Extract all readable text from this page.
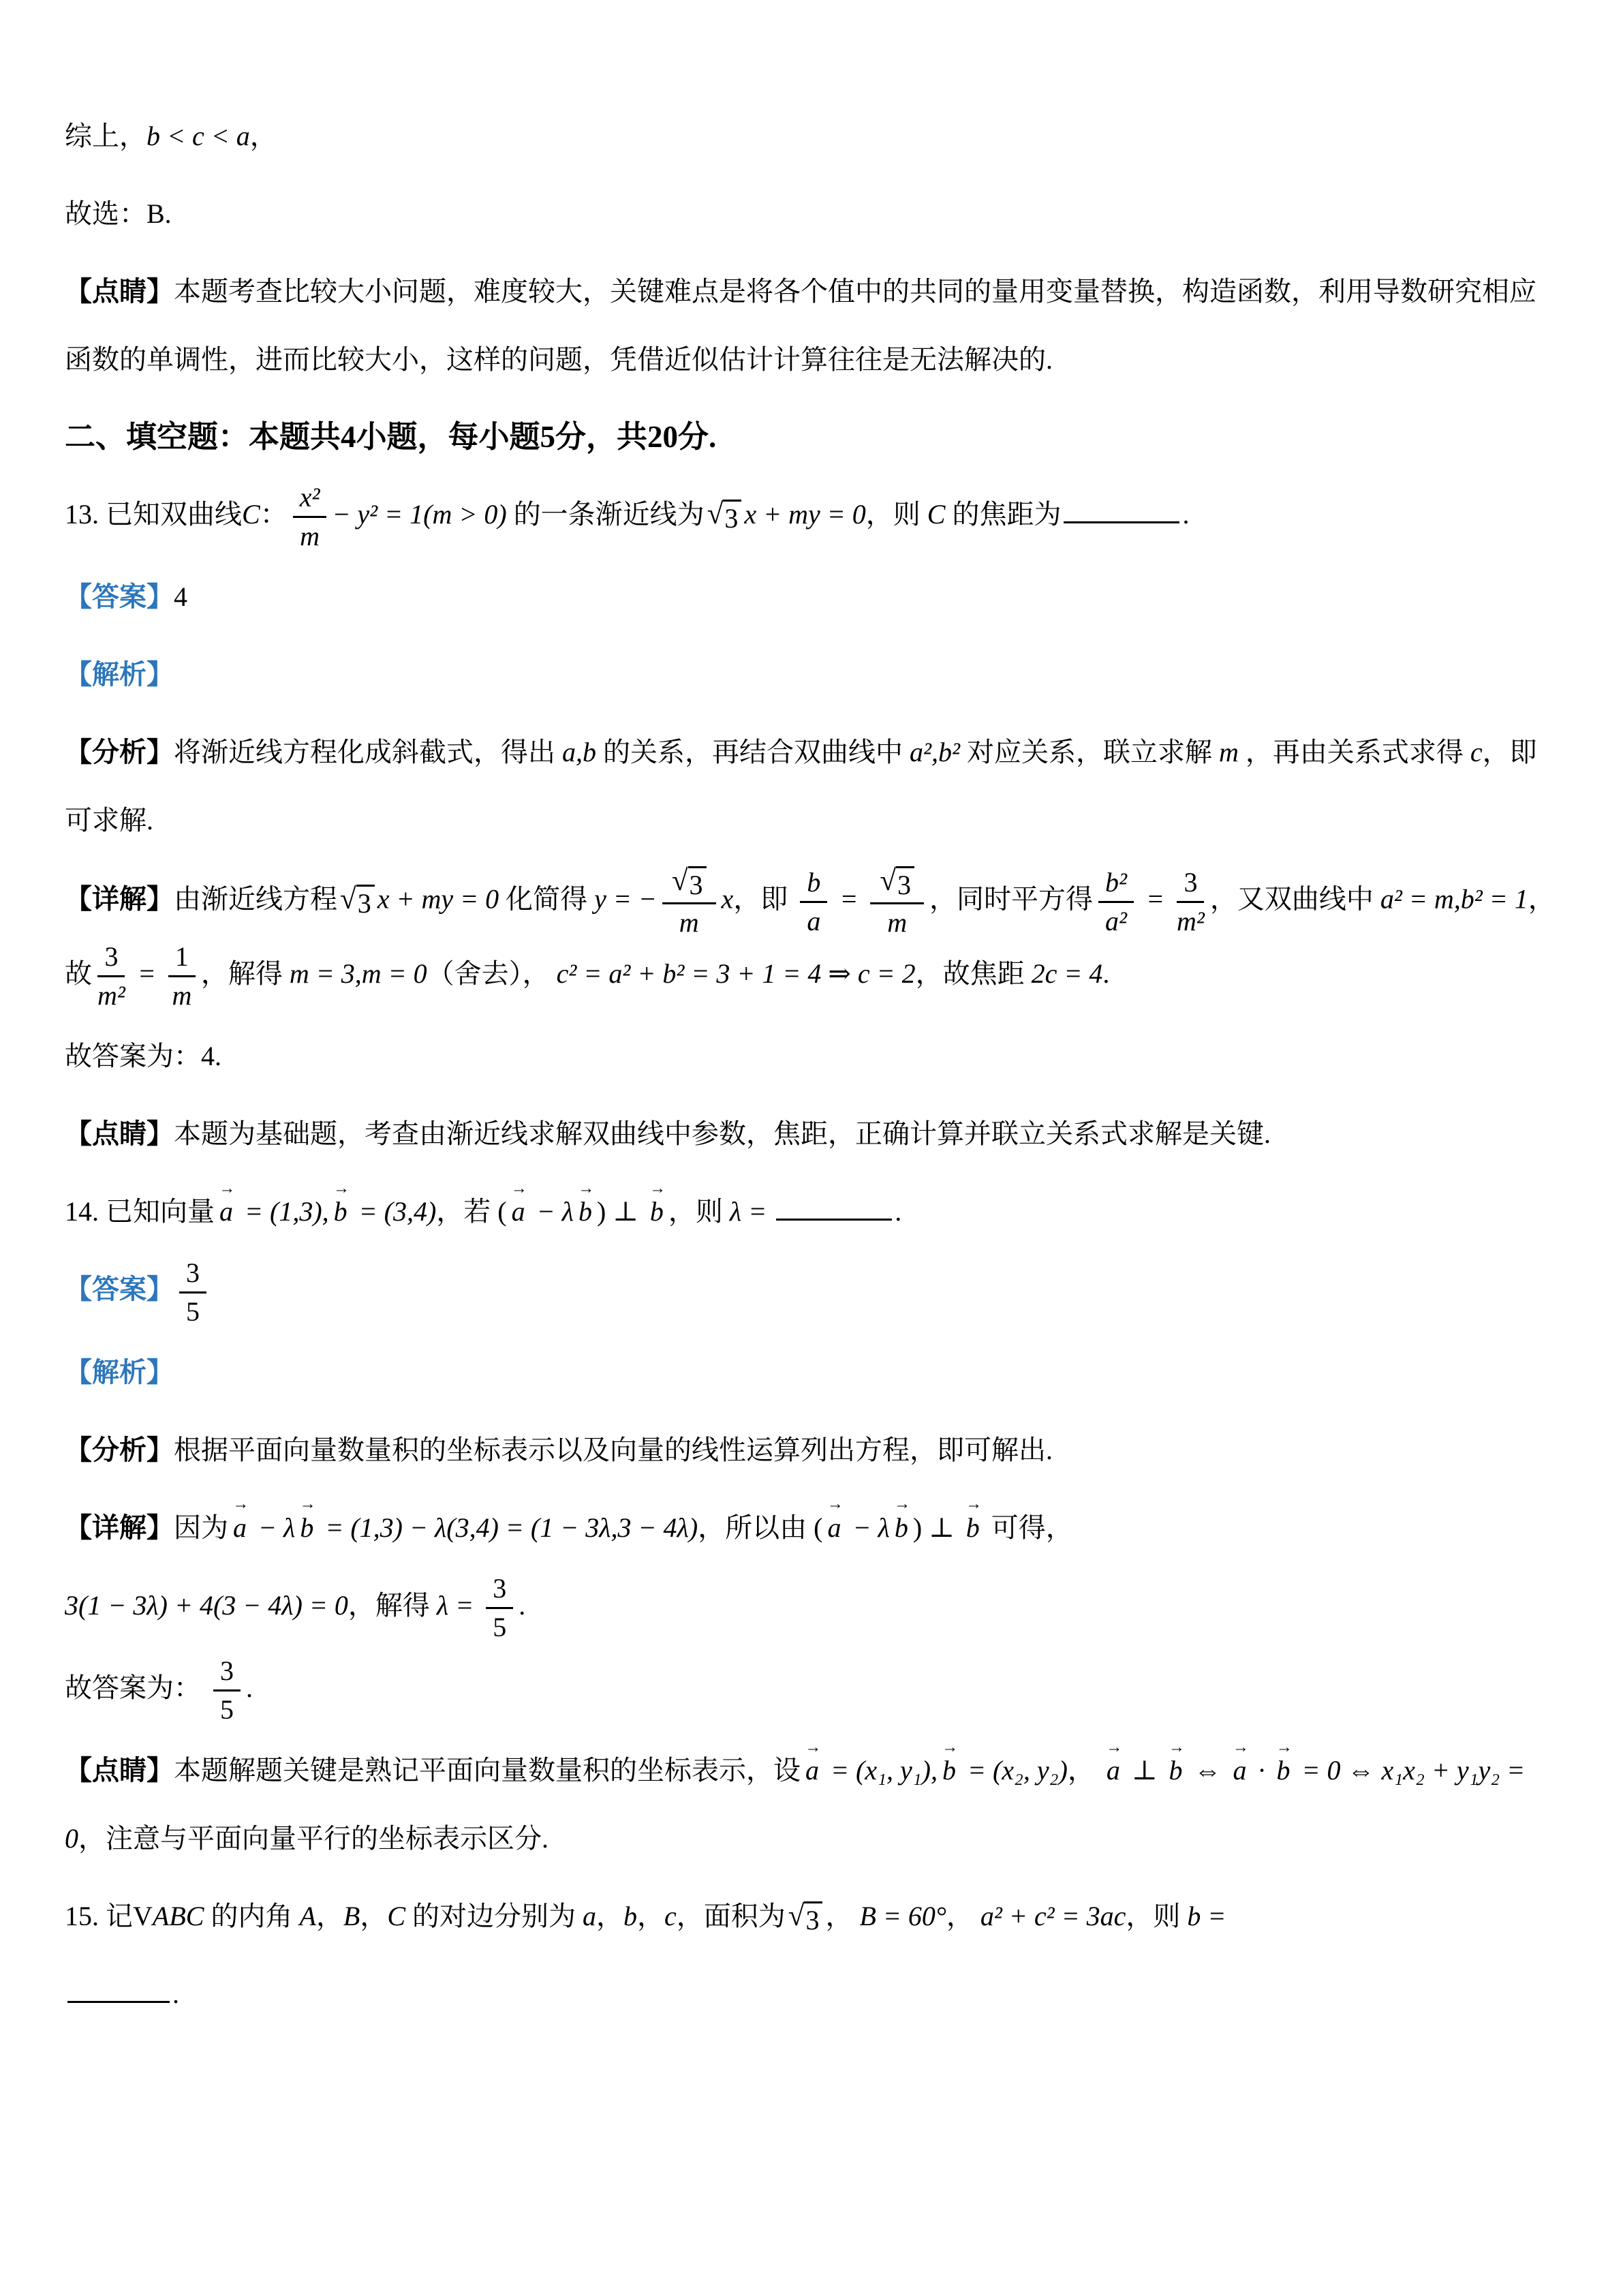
综上，b < c < a，

故选：B.

【点睛】本题考查比较大小问题，难度较大，关键难点是将各个值中的共同的量用变量替换，构造函数，利用导数研究相应函数的单调性，进而比较大小，这样的问题，凭借近似估计计算往往是无法解决的.

二、填空题：本题共4小题，每小题5分，共20分.

13. 已知双曲线C： $\frac{\text{x²}}{m} - y^2 = 1(m > 0)$ 的一条渐近线为 √ 3 x + my = 0，则 C 的焦距为	.

【答案】4

【解析】

【分析】将渐近线方程化成斜截式，得出 a,b 的关系，再结合双曲线中 a²,b² 对应关系，联立求解 m ，再由关系式求得 c，即可求解.

【详解】由渐近线方程 √ 3 x + my = 0 化简得 y = − $\frac{√ 3}{m}$ x，即 $\frac{b}{a} = \frac{√ 3}{m}$ ，同时平方得 $\frac{\text{b²}}{\text{a²}} = \frac{3}{\text{m²}}$ ，又双曲线中 a² = m,b² = 1，故 $\frac{3}{\text{m²}} = \frac{1}{m}$ ，解得 m = 3,m = 0（舍去）， c² = a² + b² = 3 + 1 = 4 ⇒ c = 2，故焦距 2c = 4.

故答案为：4.

【点睛】本题为基础题，考查由渐近线求解双曲线中参数，焦距，正确计算并联立关系式求解是关键.

14. 已知向量
→
a = (1,3),
→
b = (3,4)，若 (
→
a − λ
→
b ) ⊥
→
b ，则 λ =	.

【答案】 $\frac{3}{5}$

【解析】

【分析】根据平面向量数量积的坐标表示以及向量的线性运算列出方程，即可解出.

【详解】因为
→
a − λ
→
b = (1,3) − λ(3,4) = (1 − 3λ,3 − 4λ)，所以由 (
→
a − λ
→
b ) ⊥
→
b 可得，

3(1 − 3λ) + 4(3 − 4λ) = 0，解得 $\lambda = \frac{3}{5}$ .

故答案为： $\frac{3}{5}$ .

【点睛】本题解题关键是熟记平面向量数量积的坐标表示，设
→
a = (x₁, y₁),
→
b = (x₂, y₂)，
→
a ⊥
→
b ⇔
→
a ·
→
b = 0 ⇔ x₁x₂ + y₁y₂ = 0，注意与平面向量平行的坐标表示区分.

15. 记VABC 的内角 A，B，C 的对边分别为 a，b，c，面积为 √ 3 ， B = 60°， a² + c² = 3ac，则 b =

.
